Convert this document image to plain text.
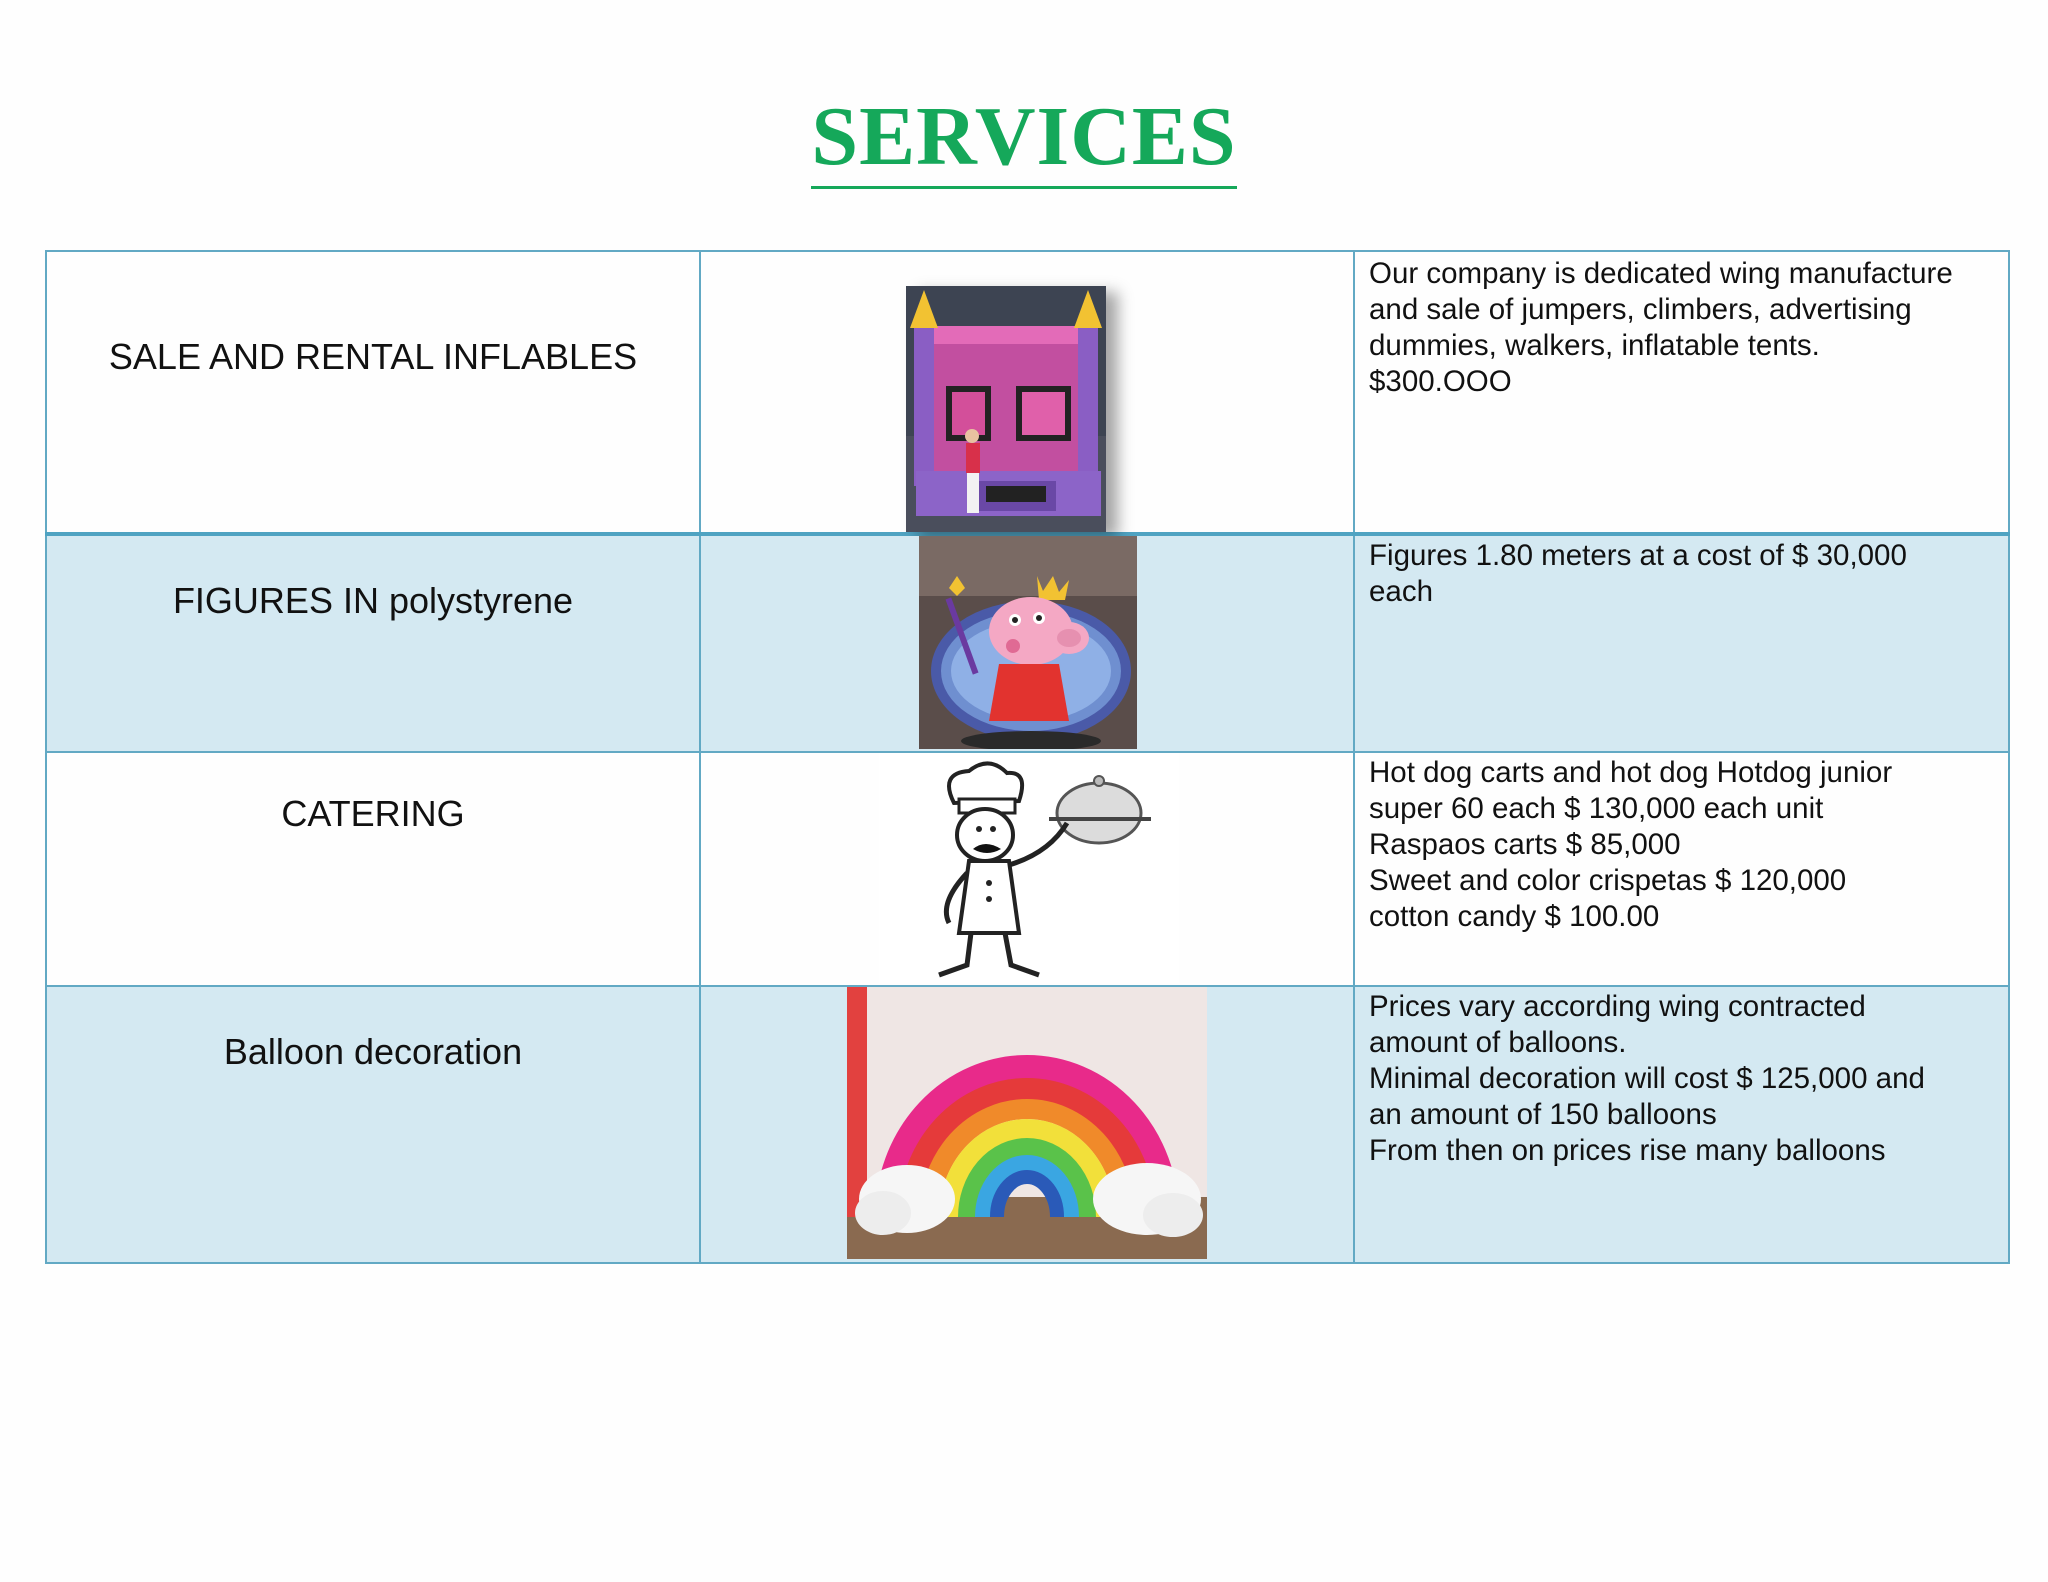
SERVICES
SALE AND RENTAL INFLABLES		Our company is dedicated wing manufacture
and sale of jumpers, climbers, advertising
dummies, walkers, inflatable tents.
$300.OOO

FIGURES IN polystyrene		Figures 1.80 meters at a cost of $ 30,000
each

CATERING		Hot dog carts and hot dog Hotdog junior
super 60 each $ 130,000 each unit
Raspaos carts $ 85,000
Sweet and color crispetas $ 120,000
cotton candy $ 100.00

Balloon decoration		Prices vary according wing contracted
amount of balloons.
Minimal decoration will cost $ 125,000 and
an amount of 150 balloons
From then on prices rise many balloons
